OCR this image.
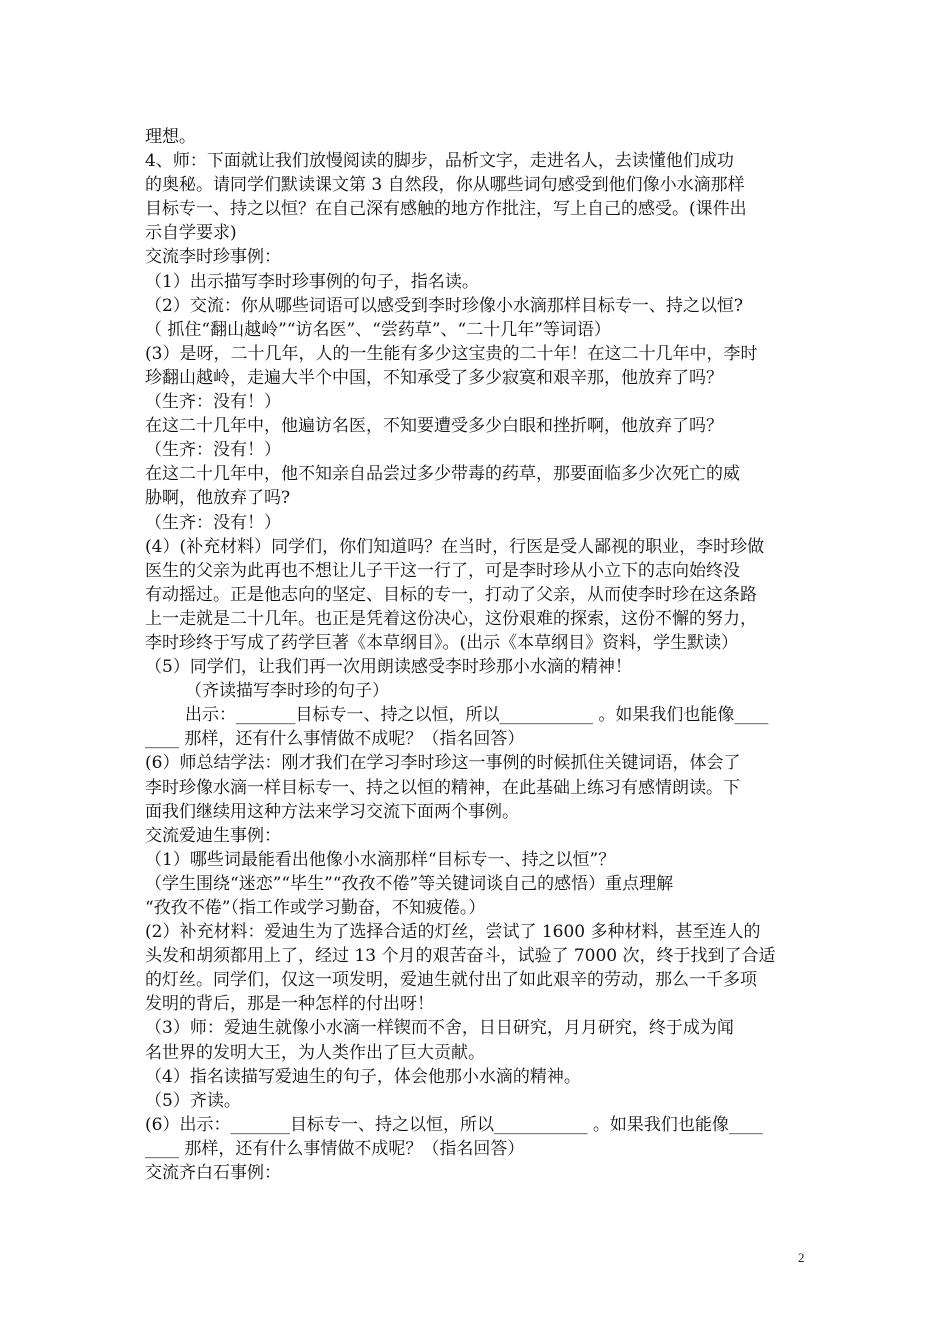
理想。
4、师：下面就让我们放慢阅读的脚步，品析文字，走进名人，去读懂他们成功
的奥秘。请同学们默读课文第 3 自然段，你从哪些词句感受到他们像小水滴那样
目标专一、持之以恒？在自己深有感触的地方作批注，写上自己的感受。(课件出
示自学要求)
交流李时珍事例：
（1）出示描写李时珍事例的句子，指名读。
（2）交流：你从哪些词语可以感受到李时珍像小水滴那样目标专一、持之以恒?
（ 抓住“翻山越岭”“访名医”、“尝药草”、“二十几年”等词语）
(3）是呀，二十几年，人的一生能有多少这宝贵的二十年！在这二十几年中，李时
珍翻山越岭，走遍大半个中国，不知承受了多少寂寞和艰辛那，他放弃了吗？
（生齐：没有！）
在这二十几年中，他遍访名医，不知要遭受多少白眼和挫折啊，他放弃了吗？
（生齐：没有！）
在这二十几年中，他不知亲自品尝过多少带毒的药草，那要面临多少次死亡的威
胁啊，他放弃了吗?
（生齐：没有！）
(4）(补充材料）同学们，你们知道吗？在当时，行医是受人鄙视的职业，李时珍做
医生的父亲为此再也不想让儿子干这一行了，可是李时珍从小立下的志向始终没
有动摇过。正是他志向的坚定、目标的专一，打动了父亲，从而使李时珍在这条路
上一走就是二十几年。也正是凭着这份决心，这份艰难的探索，这份不懈的努力，
李时珍终于写成了药学巨著《本草纲目》。(出示《本草纲目》资料，学生默读）
（5）同学们，让我们再一次用朗读感受李时珍那小水滴的精神！
（齐读描写李时珍的句子）
出示：_______目标专一、持之以恒，所以___________ 。如果我们也能像____
____ 那样，还有什么事情做不成呢？（指名回答）
(6）师总结学法：刚才我们在学习李时珍这一事例的时候抓住关键词语，体会了
李时珍像水滴一样目标专一、持之以恒的精神，在此基础上练习有感情朗读。下
面我们继续用这种方法来学习交流下面两个事例。
交流爱迪生事例：
（1）哪些词最能看出他像小水滴那样“目标专一、持之以恒”？
（学生围绕“迷恋”“毕生”“孜孜不倦”等关键词谈自己的感悟）重点理解
“孜孜不倦”（指工作或学习勤奋，不知疲倦。）
(2）补充材料：爱迪生为了选择合适的灯丝，尝试了 1600 多种材料，甚至连人的
头发和胡须都用上了，经过 13 个月的艰苦奋斗，试验了 7000 次，终于找到了合适
的灯丝。同学们，仅这一项发明，爱迪生就付出了如此艰辛的劳动，那么一千多项
发明的背后，那是一种怎样的付出呀！
（3）师：爱迪生就像小水滴一样锲而不舍，日日研究，月月研究，终于成为闻
名世界的发明大王，为人类作出了巨大贡献。
（4）指名读描写爱迪生的句子，体会他那小水滴的精神。
（5）齐读。
(6）出示：_______目标专一、持之以恒，所以___________ 。如果我们也能像____
____ 那样，还有什么事情做不成呢？（指名回答）
交流齐白石事例：
2
